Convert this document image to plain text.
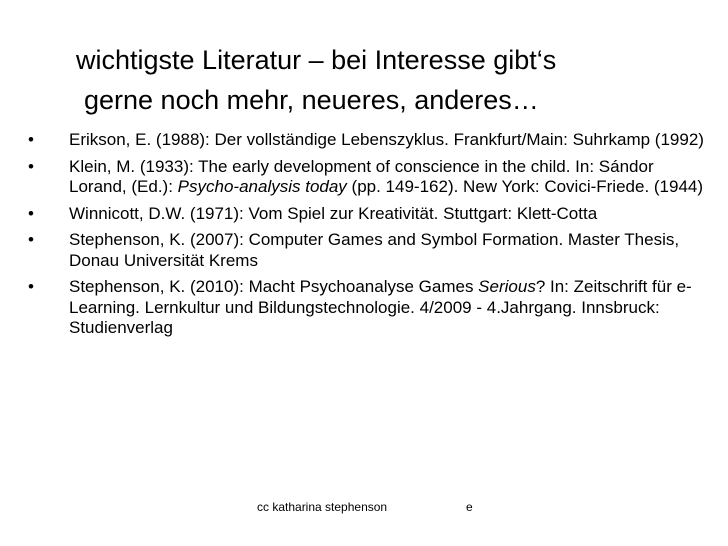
wichtigste Literatur – bei Interesse gibt‘s
gerne noch mehr, neueres, anderes…
•	Erikson, E. (1988): Der vollständige Lebenszyklus. Frankfurt/Main: Suhrkamp (1992)
•	Klein, M. (1933): The early development of conscience in the child. In: Sándor Lorand, (Ed.): Psycho-analysis today (pp. 149-162). New York: Covici-Friede. (1944)
•	Winnicott, D.W. (1971): Vom Spiel zur Kreativität. Stuttgart: Klett-Cotta
•	Stephenson, K. (2007): Computer Games and Symbol Formation. Master Thesis, Donau Universität Krems
•	Stephenson, K. (2010): Macht Psychoanalyse Games Serious? In: Zeitschrift für e-Learning. Lernkultur und Bildungstechnologie. 4/2009 - 4.Jahrgang. Innsbruck: Studienverlag
cc katharina stephenson	e
